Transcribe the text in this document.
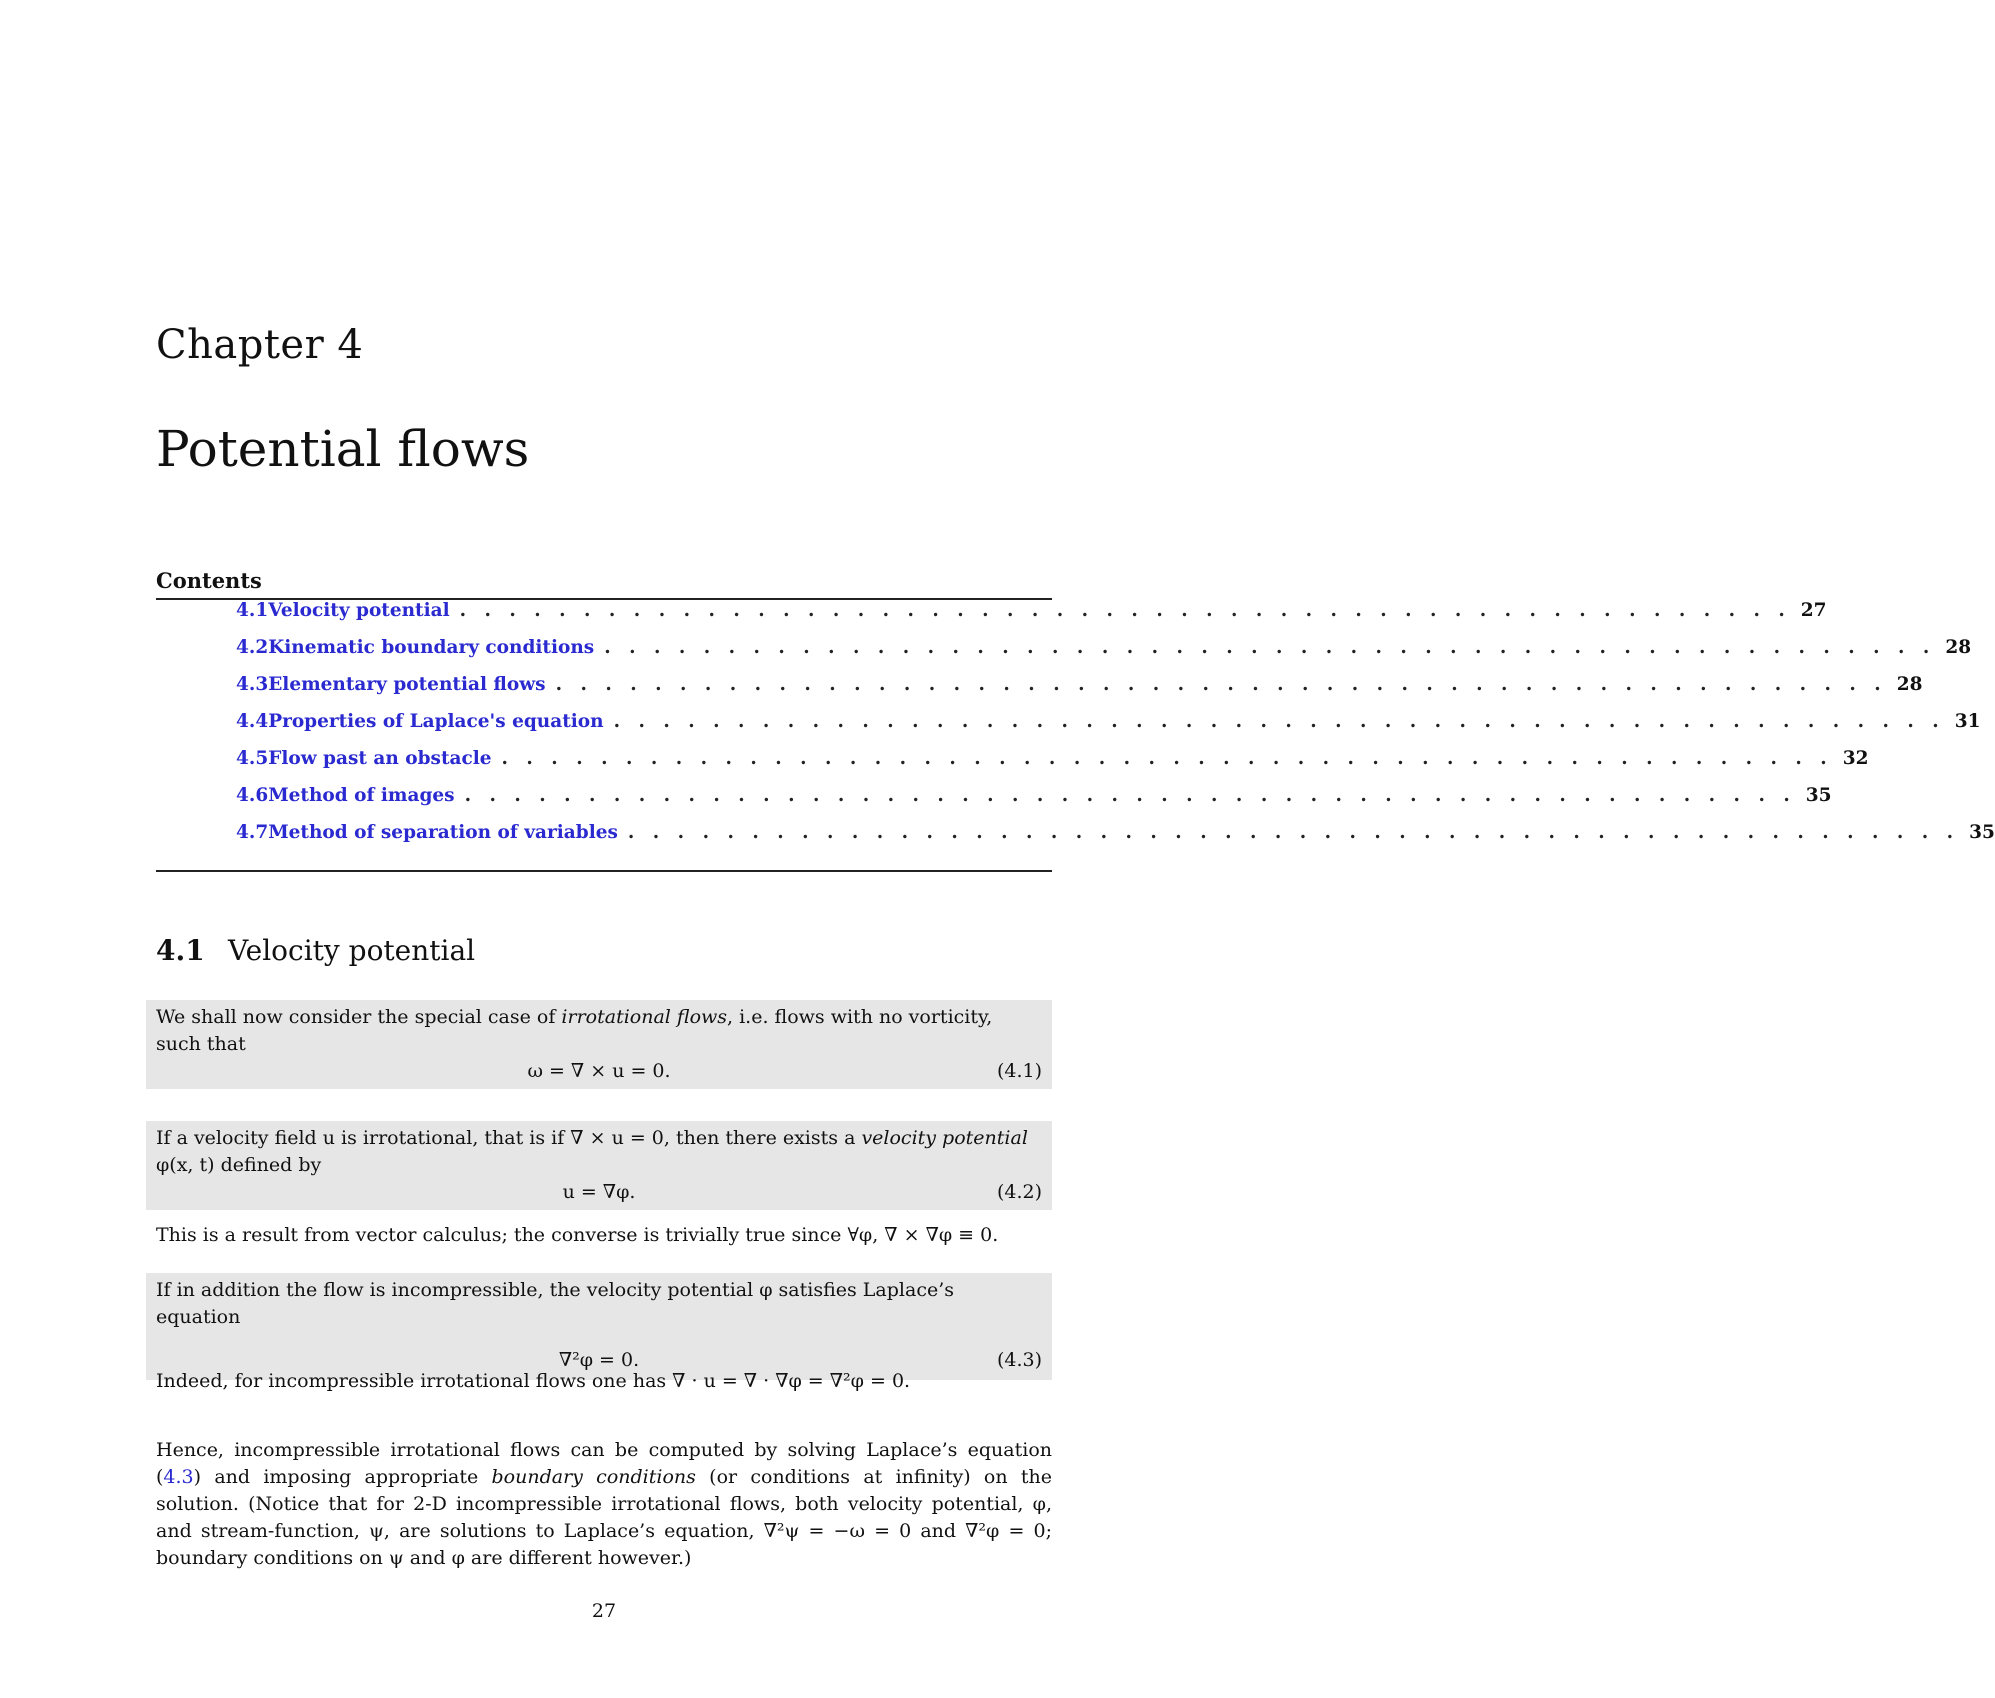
Chapter 4
Potential flows
Contents
4.1 Velocity potential . . . . . . . . . . . . . . . . . . . . . . . . . . . . . . . . . . . . . . . . . . . . . . . . . . . . . . 27
4.2 Kinematic boundary conditions . . . . . . . . . . . . . . . . . . . . . . . . . . . . . . . . . . . . . . . . . . . . . . . . . . . . . . 28
4.3 Elementary potential flows . . . . . . . . . . . . . . . . . . . . . . . . . . . . . . . . . . . . . . . . . . . . . . . . . . . . . . 28
4.4 Properties of Laplace's equation . . . . . . . . . . . . . . . . . . . . . . . . . . . . . . . . . . . . . . . . . . . . . . . . . . . . . . 31
4.5 Flow past an obstacle . . . . . . . . . . . . . . . . . . . . . . . . . . . . . . . . . . . . . . . . . . . . . . . . . . . . . . 32
4.6 Method of images . . . . . . . . . . . . . . . . . . . . . . . . . . . . . . . . . . . . . . . . . . . . . . . . . . . . . . 35
4.7 Method of separation of variables . . . . . . . . . . . . . . . . . . . . . . . . . . . . . . . . . . . . . . . . . . . . . . . . . . . . . . 35
4.1 Velocity potential
We shall now consider the special case of irrotational flows, i.e. flows with no vorticity, such that
ω = ∇ × u = 0.	(4.1)
If a velocity field u is irrotational, that is if ∇ × u = 0, then there exists a velocity potential φ(x, t) defined by
u = ∇φ.	(4.2)
This is a result from vector calculus; the converse is trivially true since ∀φ, ∇ × ∇φ ≡ 0.
If in addition the flow is incompressible, the velocity potential φ satisfies Laplace’s equation
∇²φ = 0.	(4.3)
Indeed, for incompressible irrotational flows one has ∇ · u = ∇ · ∇φ = ∇²φ = 0.
Hence, incompressible irrotational flows can be computed by solving Laplace’s equation (4.3) and imposing appropriate boundary conditions (or conditions at infinity) on the solution. (Notice that for 2-D incompressible irrotational flows, both velocity potential, φ, and stream-function, ψ, are solutions to Laplace’s equation, ∇²ψ = −ω = 0 and ∇²φ = 0; boundary conditions on ψ and φ are different however.)
27
